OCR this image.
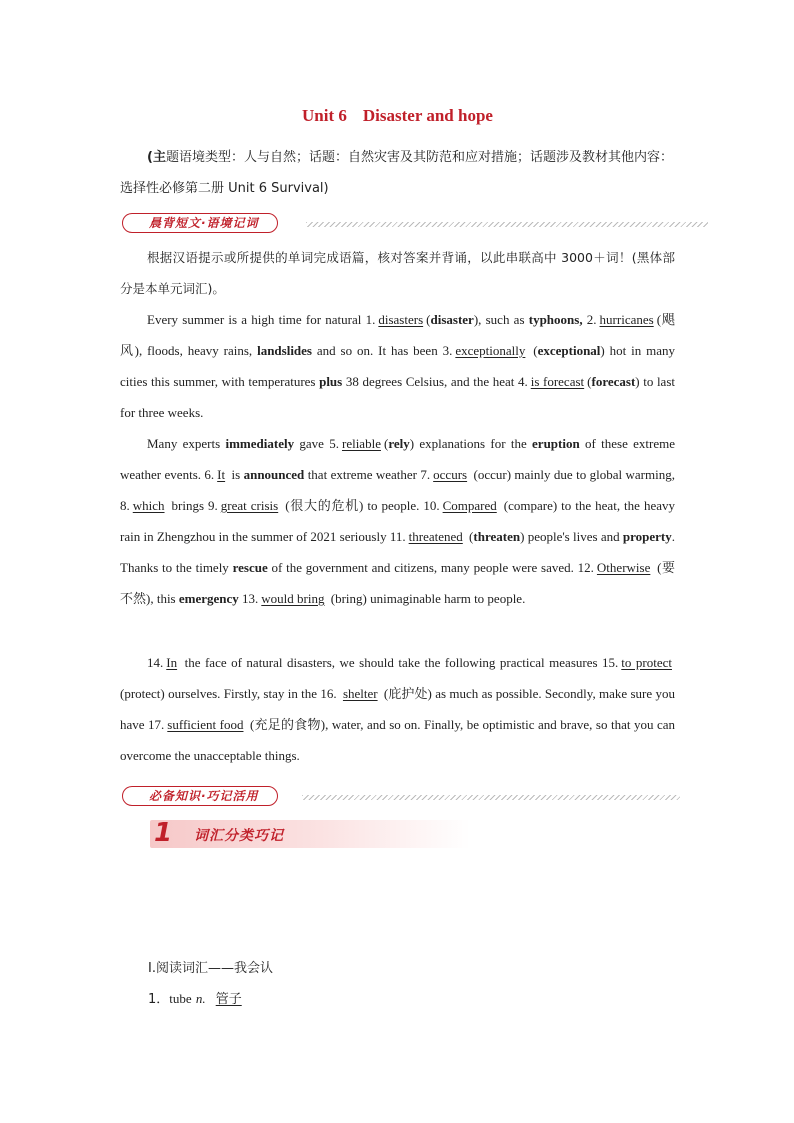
Unit 6 Disaster and hope
(主题语境类型：人与自然；话题：自然灾害及其防范和应对措施；话题涉及教材其他内容：选择性必修第二册 Unit 6 Survival)
晨背短文·语境记词
根据汉语提示或所提供的单词完成语篇，核对答案并背诵，以此串联高中 3000＋词！(黑体部分是本单元词汇)。
Every summer is a high time for natural 1. disasters (disaster), such as typhoons, 2. hurricanes (飓风), floods, heavy rains, landslides and so on. It has been 3. exceptionally (exceptional) hot in many cities this summer, with temperatures plus 38 degrees Celsius, and the heat 4. is forecast (forecast) to last for three weeks.
Many experts immediately gave 5. reliable (rely) explanations for the eruption of these extreme weather events. 6. It is announced that extreme weather 7. occurs (occur) mainly due to global warming, 8. which brings 9. great crisis (很大的危机) to people. 10. Compared (compare) to the heat, the heavy rain in Zhengzhou in the summer of 2021 seriously 11. threatened (threaten) people's lives and property. Thanks to the timely rescue of the government and citizens, many people were saved. 12. Otherwise (要不然), this emergency 13. would bring (bring) unimaginable harm to people.
14. In the face of natural disasters, we should take the following practical measures 15. to protect (protect) ourselves. Firstly, stay in the 16. shelter (庇护处) as much as possible. Secondly, make sure you have 17. sufficient food (充足的食物), water, and so on. Finally, be optimistic and brave, so that you can overcome the unacceptable things.
必备知识·巧记活用
1 词汇分类巧记
Ⅰ.阅读词汇——我会认
1．tube n. 管子
